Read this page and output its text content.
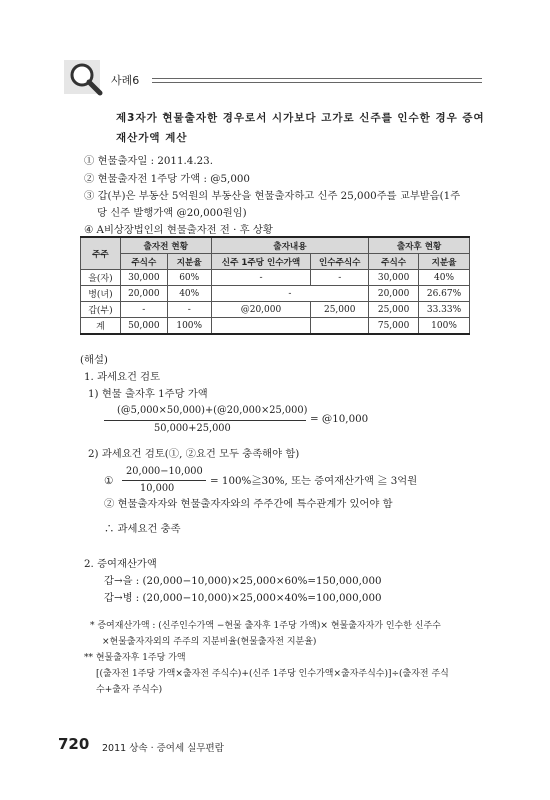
사례6
제3자가 현물출자한 경우로서 시가보다 고가로 신주를 인수한 경우 증여
재산가액 계산
① 현물출자일 : 2011.4.23.
② 현물출자전 1주당 가액 : @5,000
③ 갑(부)은 부동산 5억원의 부동산을 현물출자하고 신주 25,000주를 교부받음(1주
당 신주 발행가액 @20,000원임)
④ A비상장법인의 현물출자전 전 · 후 상황
주주	출자전 현황		출자내용		출자후 현황	
	주식수	지분율	신주 1주당 인수가액	인수주식수	주식수	지분율
을(자)	30,000	60%	-	-	30,000	40%
병(녀)	20,000	40%	-		20,000	26.67%
갑(부)	-	-	@20,000	25,000	25,000	33.33%
계	50,000	100%			75,000	100%
(해설)
1. 과세요건 검토
1) 현물 출자후 1주당 가액
(@5,000×50,000)+(@20,000×25,000)
= @10,000
50,000+25,000
2) 과세요건 검토(①, ②요건 모두 충족해야 함)
①
20,000−10,000
10,000
= 100%≧30%, 또는 증여재산가액 ≧ 3억원
② 현물출자자와 현물출자자와의 주주간에 특수관계가 있어야 함
∴ 과세요건 충족
2. 증여재산가액
갑→을 : (20,000−10,000)×25,000×60%=150,000,000
갑→병 : (20,000−10,000)×25,000×40%=100,000,000
* 증여재산가액 : (신주인수가액 −현물 출자후 1주당 가액)× 현물출자자가 인수한 신주수
×현물출자자외의 주주의 지분비율(현물출자전 지분율)
** 현물출자후 1주당 가액
[(출자전 1주당 가액×출자전 주식수)+(신주 1주당 인수가액×출자주식수)]÷(출자전 주식
수+출자 주식수)
720 2011 상속 · 증여세 실무편람
